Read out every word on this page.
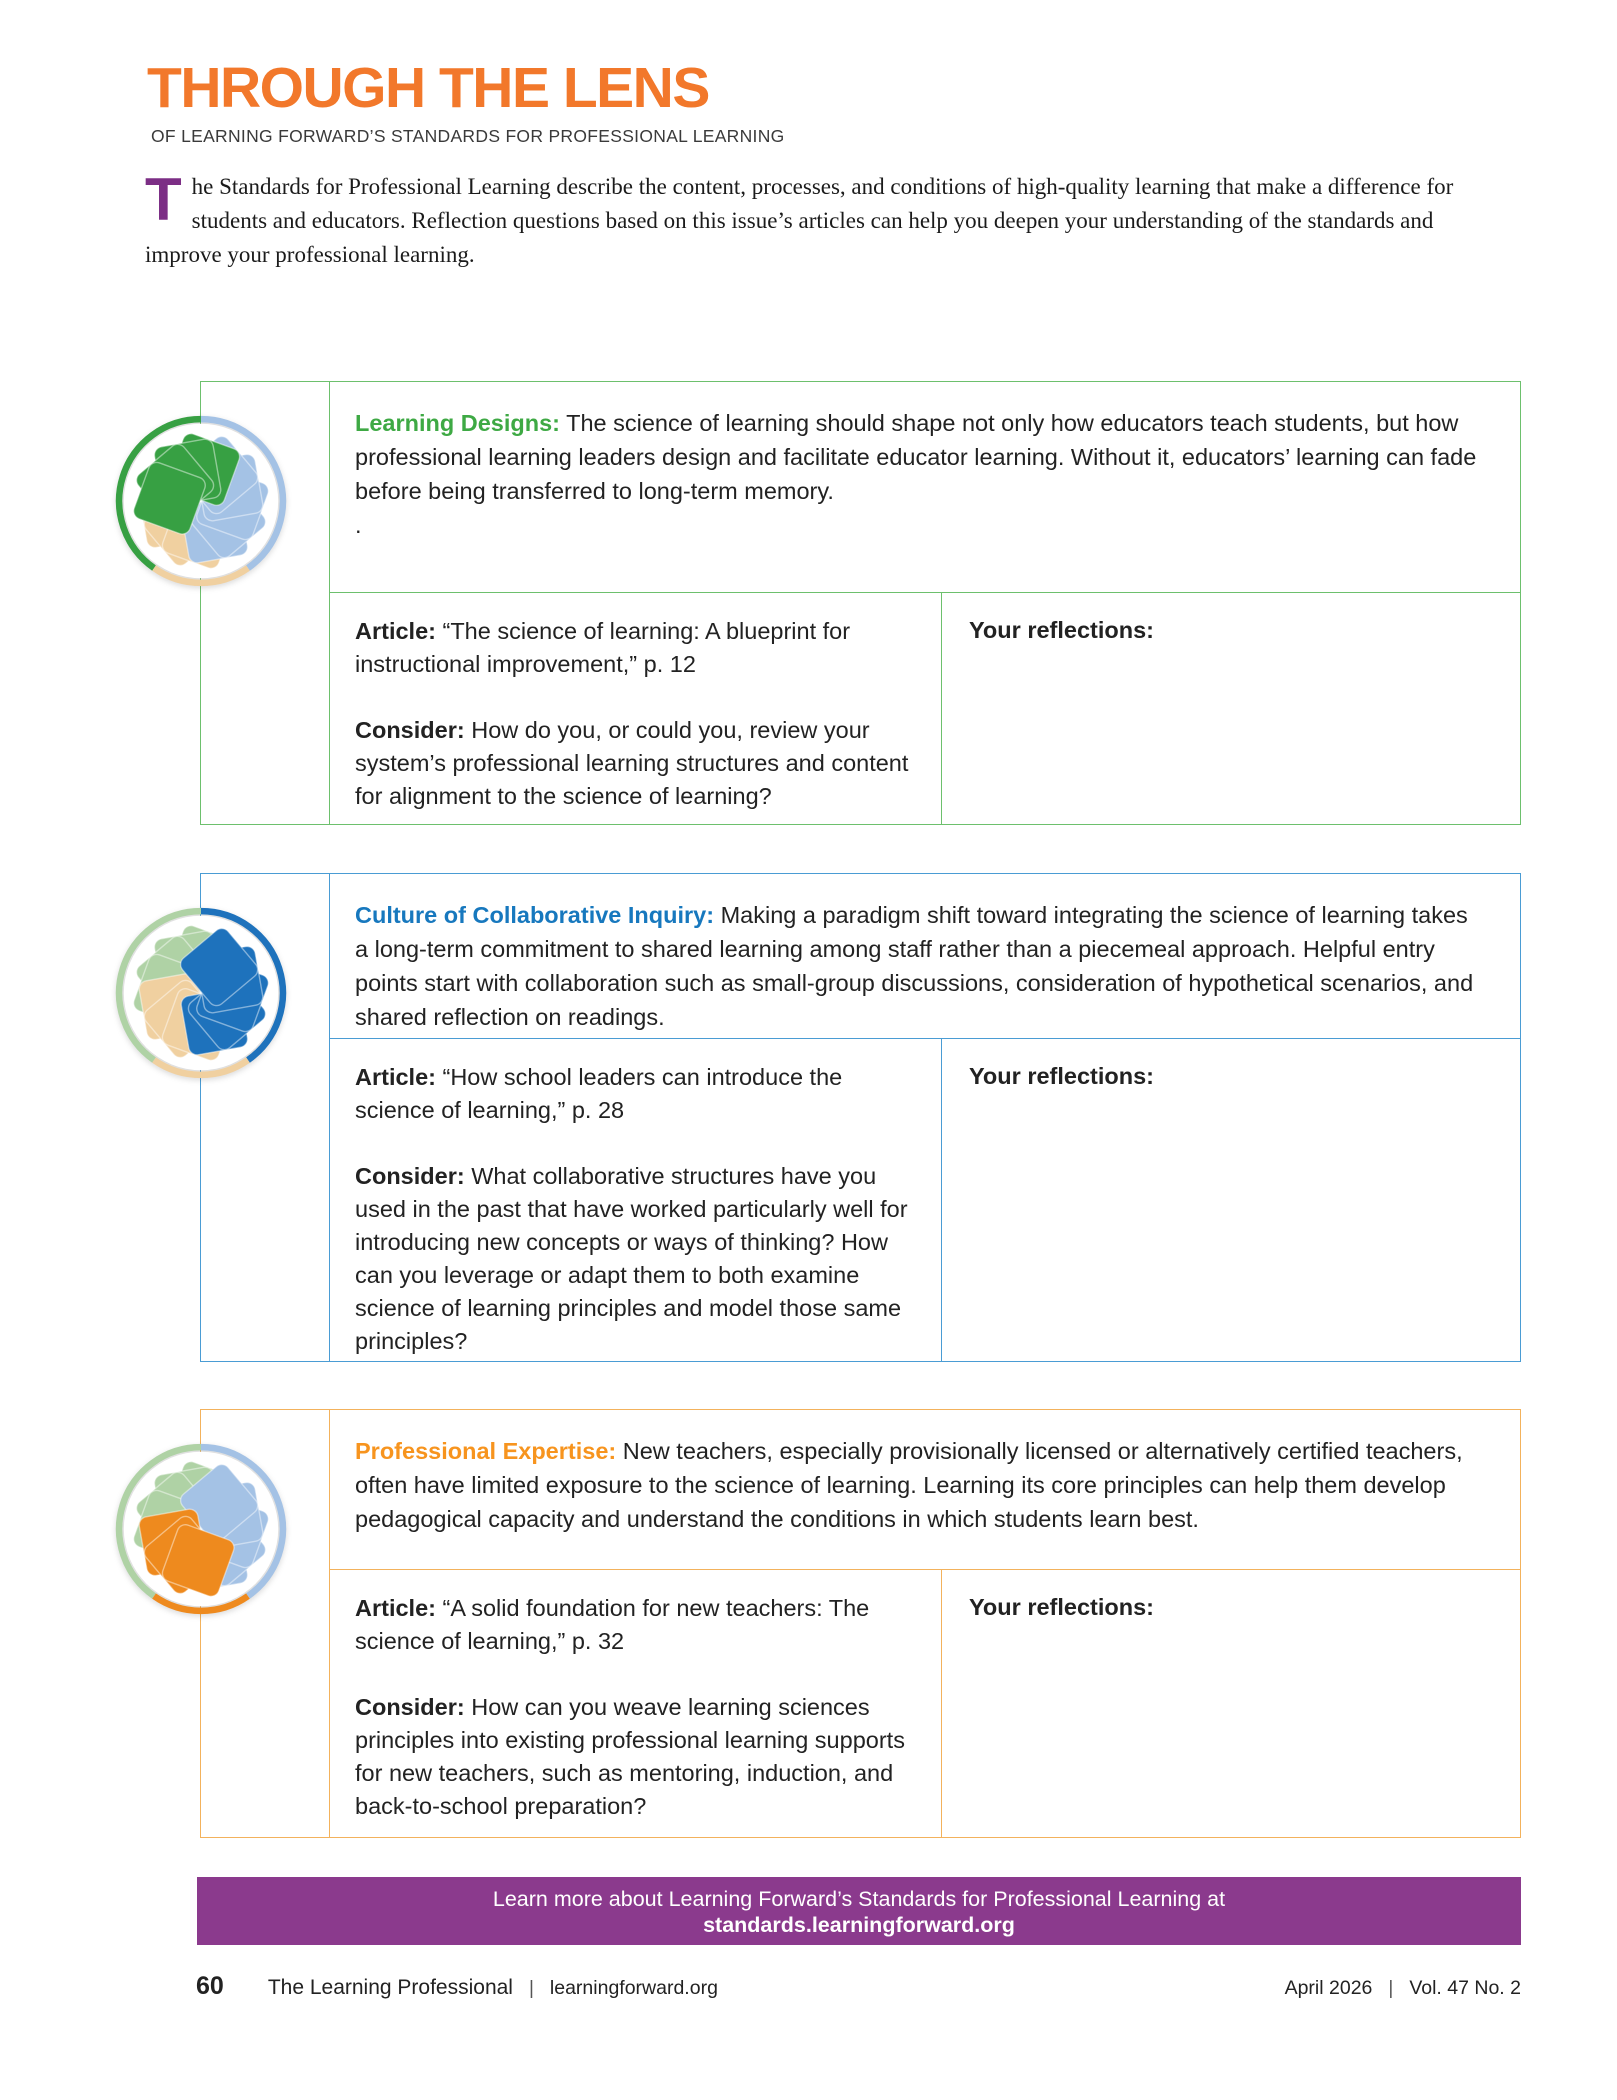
THROUGH THE LENS
OF LEARNING FORWARD’S STANDARDS FOR PROFESSIONAL LEARNING
The Standards for Professional Learning describe the content, processes, and conditions of high-quality learning that make a difference for students and educators. Reflection questions based on this issue’s articles can help you deepen your understanding of the standards and improve your professional learning.

Learning Designs: The science of learning should shape not only how educators teach students, but how professional learning leaders design and facilitate educator learning. Without it, educators’ learning can fade before being transferred to long-term memory.

.

Article: “The science of learning: A blueprint for instructional improvement,” p. 12

Consider: How do you, or could you, review your system’s professional learning structures and content for alignment to the science of learning?

Your reflections:

Culture of Collaborative Inquiry: Making a paradigm shift toward integrating the science of learning takes a long-term commitment to shared learning among staff rather than a piecemeal approach. Helpful entry points start with collaboration such as small-group discussions, consideration of hypothetical scenarios, and shared reflection on readings.

Article: “How school leaders can introduce the science of learning,” p. 28

Consider: What collaborative structures have you used in the past that have worked particularly well for introducing new concepts or ways of thinking? How can you leverage or adapt them to both examine science of learning principles and model those same principles?

Your reflections:

Professional Expertise: New teachers, especially provisionally licensed or alternatively certified teachers, often have limited exposure to the science of learning. Learning its core principles can help them develop pedagogical capacity and understand the conditions in which students learn best.

Article: “A solid foundation for new teachers: The science of learning,” p. 32

Consider: How can you weave learning sciences principles into existing professional learning supports for new teachers, such as mentoring, induction, and back-to-school preparation?

Your reflections:
Learn more about Learning Forward’s Standards for Professional Learning at
standards.learningforward.org
60 The Learning Professional | learningforward.org	April 2026 | Vol. 47 No. 2
